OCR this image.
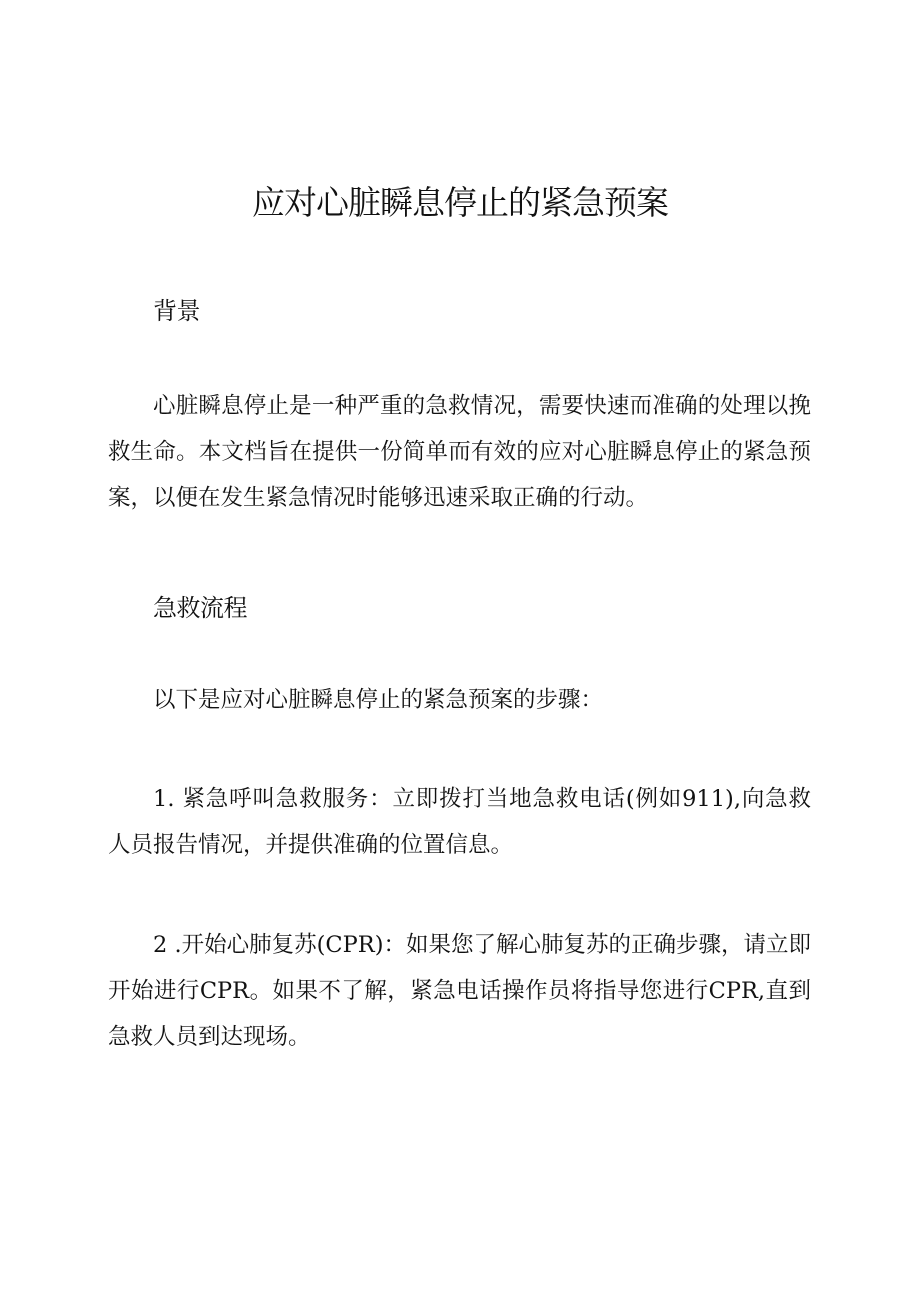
应对心脏瞬息停止的紧急预案
背景

心脏瞬息停止是一种严重的急救情况，需要快速而准确的处理以挽救生命。本文档旨在提供一份简单而有效的应对心脏瞬息停止的紧急预案，以便在发生紧急情况时能够迅速采取正确的行动。

急救流程

以下是应对心脏瞬息停止的紧急预案的步骤：

1. 紧急呼叫急救服务：立即拨打当地急救电话(例如911),向急救人员报告情况，并提供准确的位置信息。

2 .开始心肺复苏(CPR)：如果您了解心肺复苏的正确步骤，请立即开始进行CPR。如果不了解，紧急电话操作员将指导您进行CPR,直到急救人员到达现场。
